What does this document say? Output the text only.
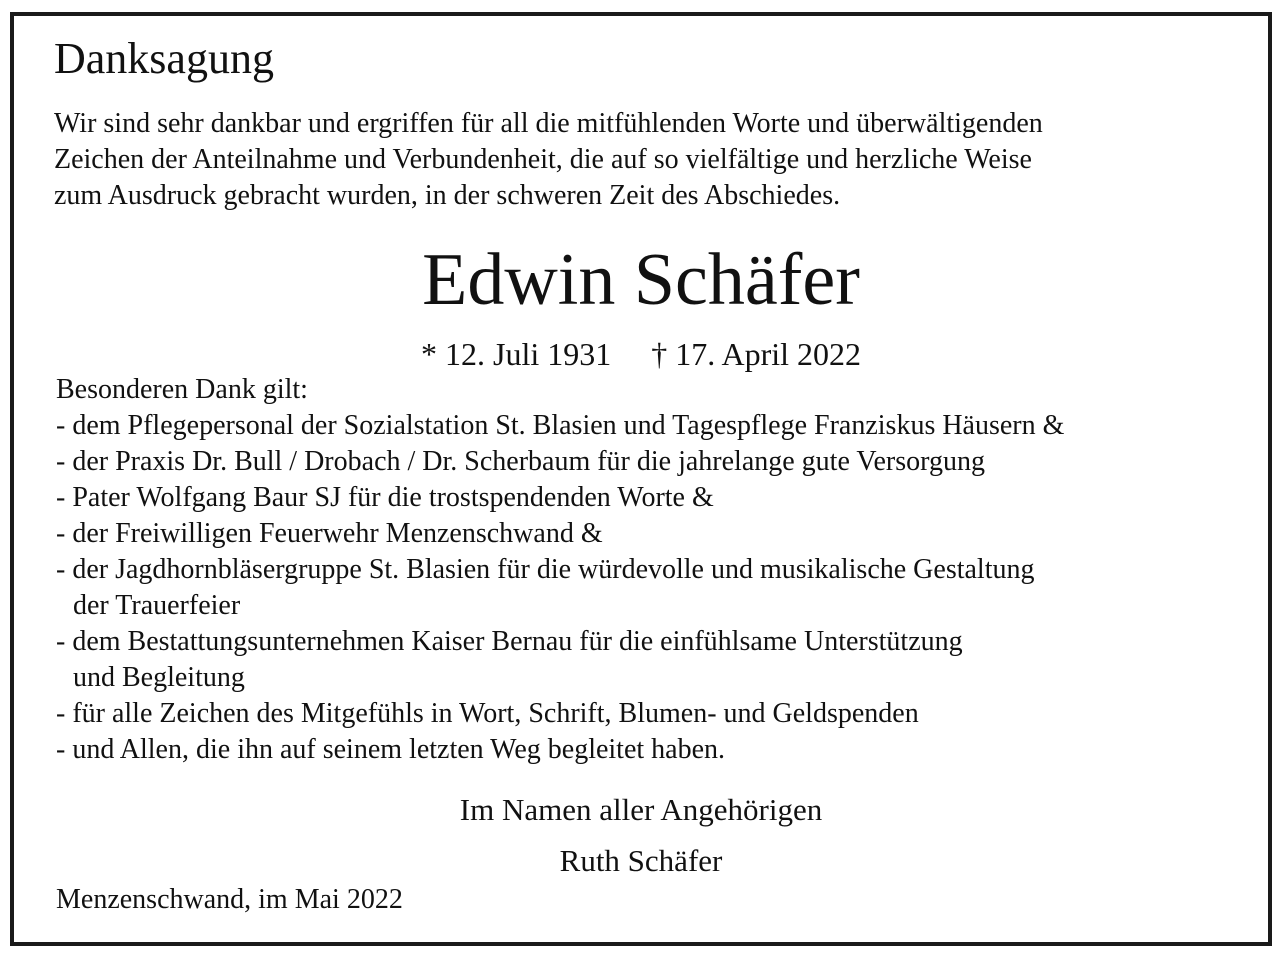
Danksagung
Wir sind sehr dankbar und ergriffen für all die mitfühlenden Worte und überwältigenden
Zeichen der Anteilnahme und Verbundenheit, die auf so vielfältige und herzliche Weise
zum Ausdruck gebracht wurden, in der schweren Zeit des Abschiedes.
Edwin Schäfer
* 12. Juli 1931 † 17. April 2022
Besonderen Dank gilt:
- dem Pflegepersonal der Sozialstation St. Blasien und Tagespflege Franziskus Häusern &
- der Praxis Dr. Bull / Drobach / Dr. Scherbaum für die jahrelange gute Versorgung
- Pater Wolfgang Baur SJ für die trostspendenden Worte &
- der Freiwilligen Feuerwehr Menzenschwand &
- der Jagdhornbläsergruppe St. Blasien für die würdevolle und musikalische Gestaltung
der Trauerfeier
- dem Bestattungsunternehmen Kaiser Bernau für die einfühlsame Unterstützung
und Begleitung
- für alle Zeichen des Mitgefühls in Wort, Schrift, Blumen- und Geldspenden
- und Allen, die ihn auf seinem letzten Weg begleitet haben.
Im Namen aller Angehörigen
Ruth Schäfer
Menzenschwand, im Mai 2022
